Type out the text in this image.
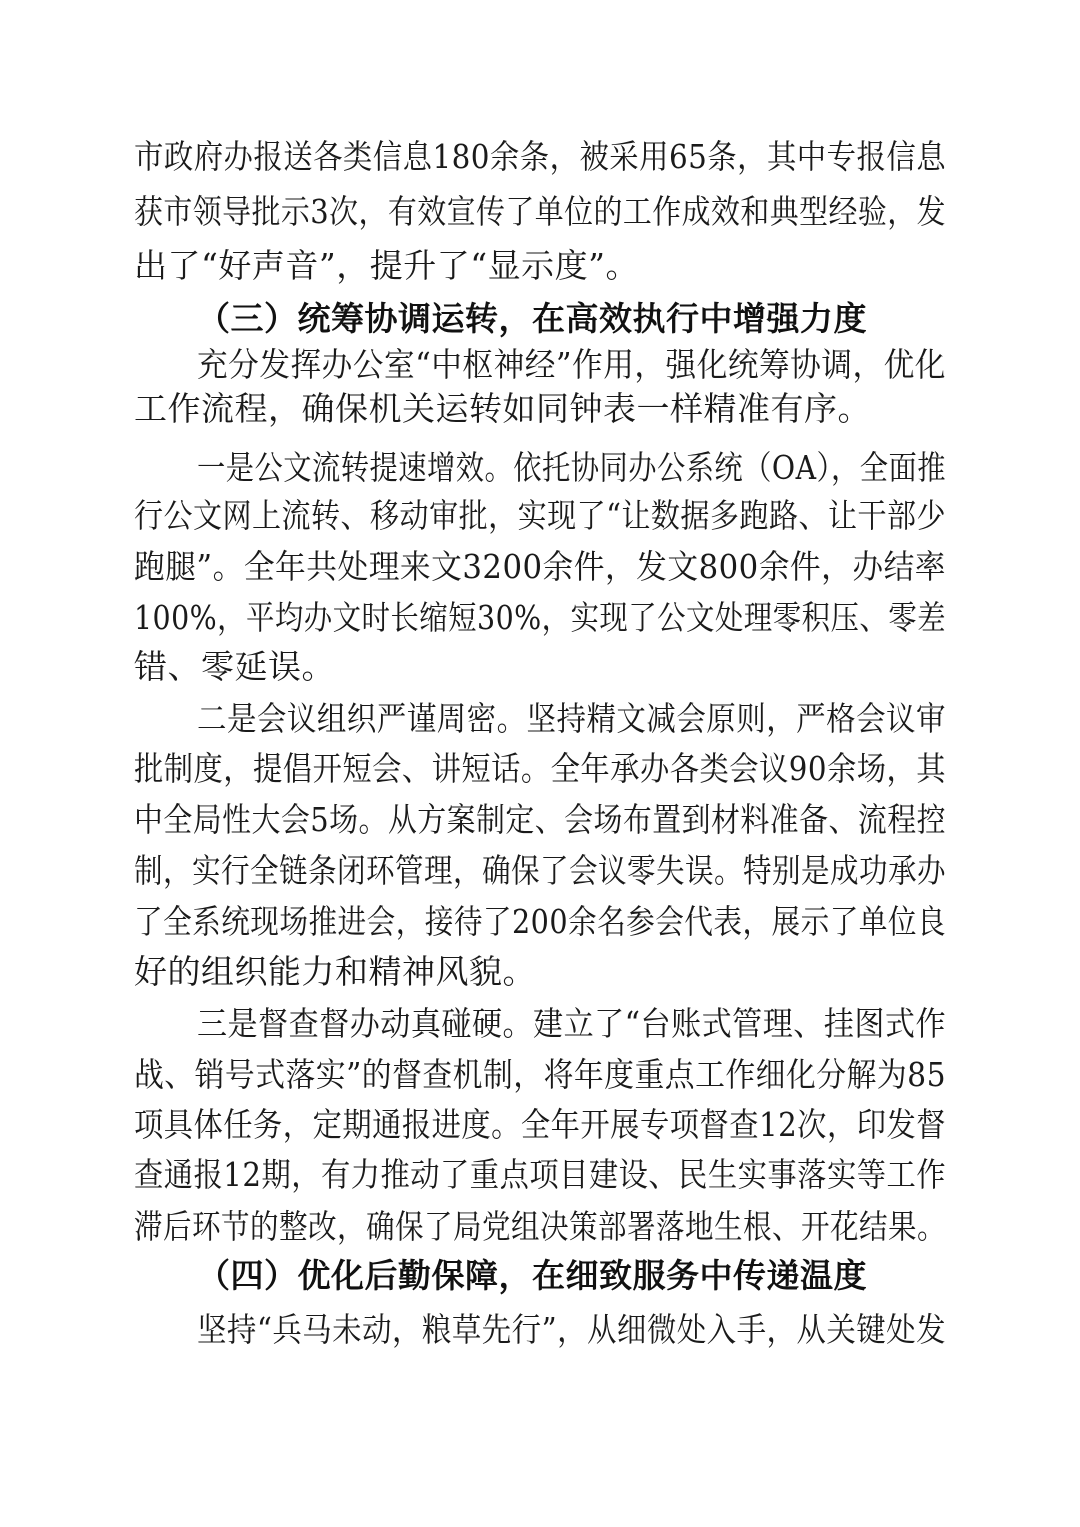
市政府办报送各类信息180余条，被采用65条，其中专报信息
获市领导批示3次，有效宣传了单位的工作成效和典型经验，发
出了“好声音”，提升了“显示度”。
（三）统筹协调运转，在高效执行中增强力度
充分发挥办公室“中枢神经”作用，强化统筹协调，优化
工作流程，确保机关运转如同钟表一样精准有序。
一是公文流转提速增效。依托协同办公系统（OA），全面推
行公文网上流转、移动审批，实现了“让数据多跑路、让干部少
跑腿”。全年共处理来文3200余件，发文800余件，办结率
100%，平均办文时长缩短30%，实现了公文处理零积压、零差
错、零延误。
二是会议组织严谨周密。坚持精文减会原则，严格会议审
批制度，提倡开短会、讲短话。全年承办各类会议90余场，其
中全局性大会5场。从方案制定、会场布置到材料准备、流程控
制，实行全链条闭环管理，确保了会议零失误。特别是成功承办
了全系统现场推进会，接待了200余名参会代表，展示了单位良
好的组织能力和精神风貌。
三是督查督办动真碰硬。建立了“台账式管理、挂图式作
战、销号式落实”的督查机制，将年度重点工作细化分解为85
项具体任务，定期通报进度。全年开展专项督查12次，印发督
查通报12期，有力推动了重点项目建设、民生实事落实等工作
滞后环节的整改，确保了局党组决策部署落地生根、开花结果。
（四）优化后勤保障，在细致服务中传递温度
坚持“兵马未动，粮草先行”，从细微处入手，从关键处发
